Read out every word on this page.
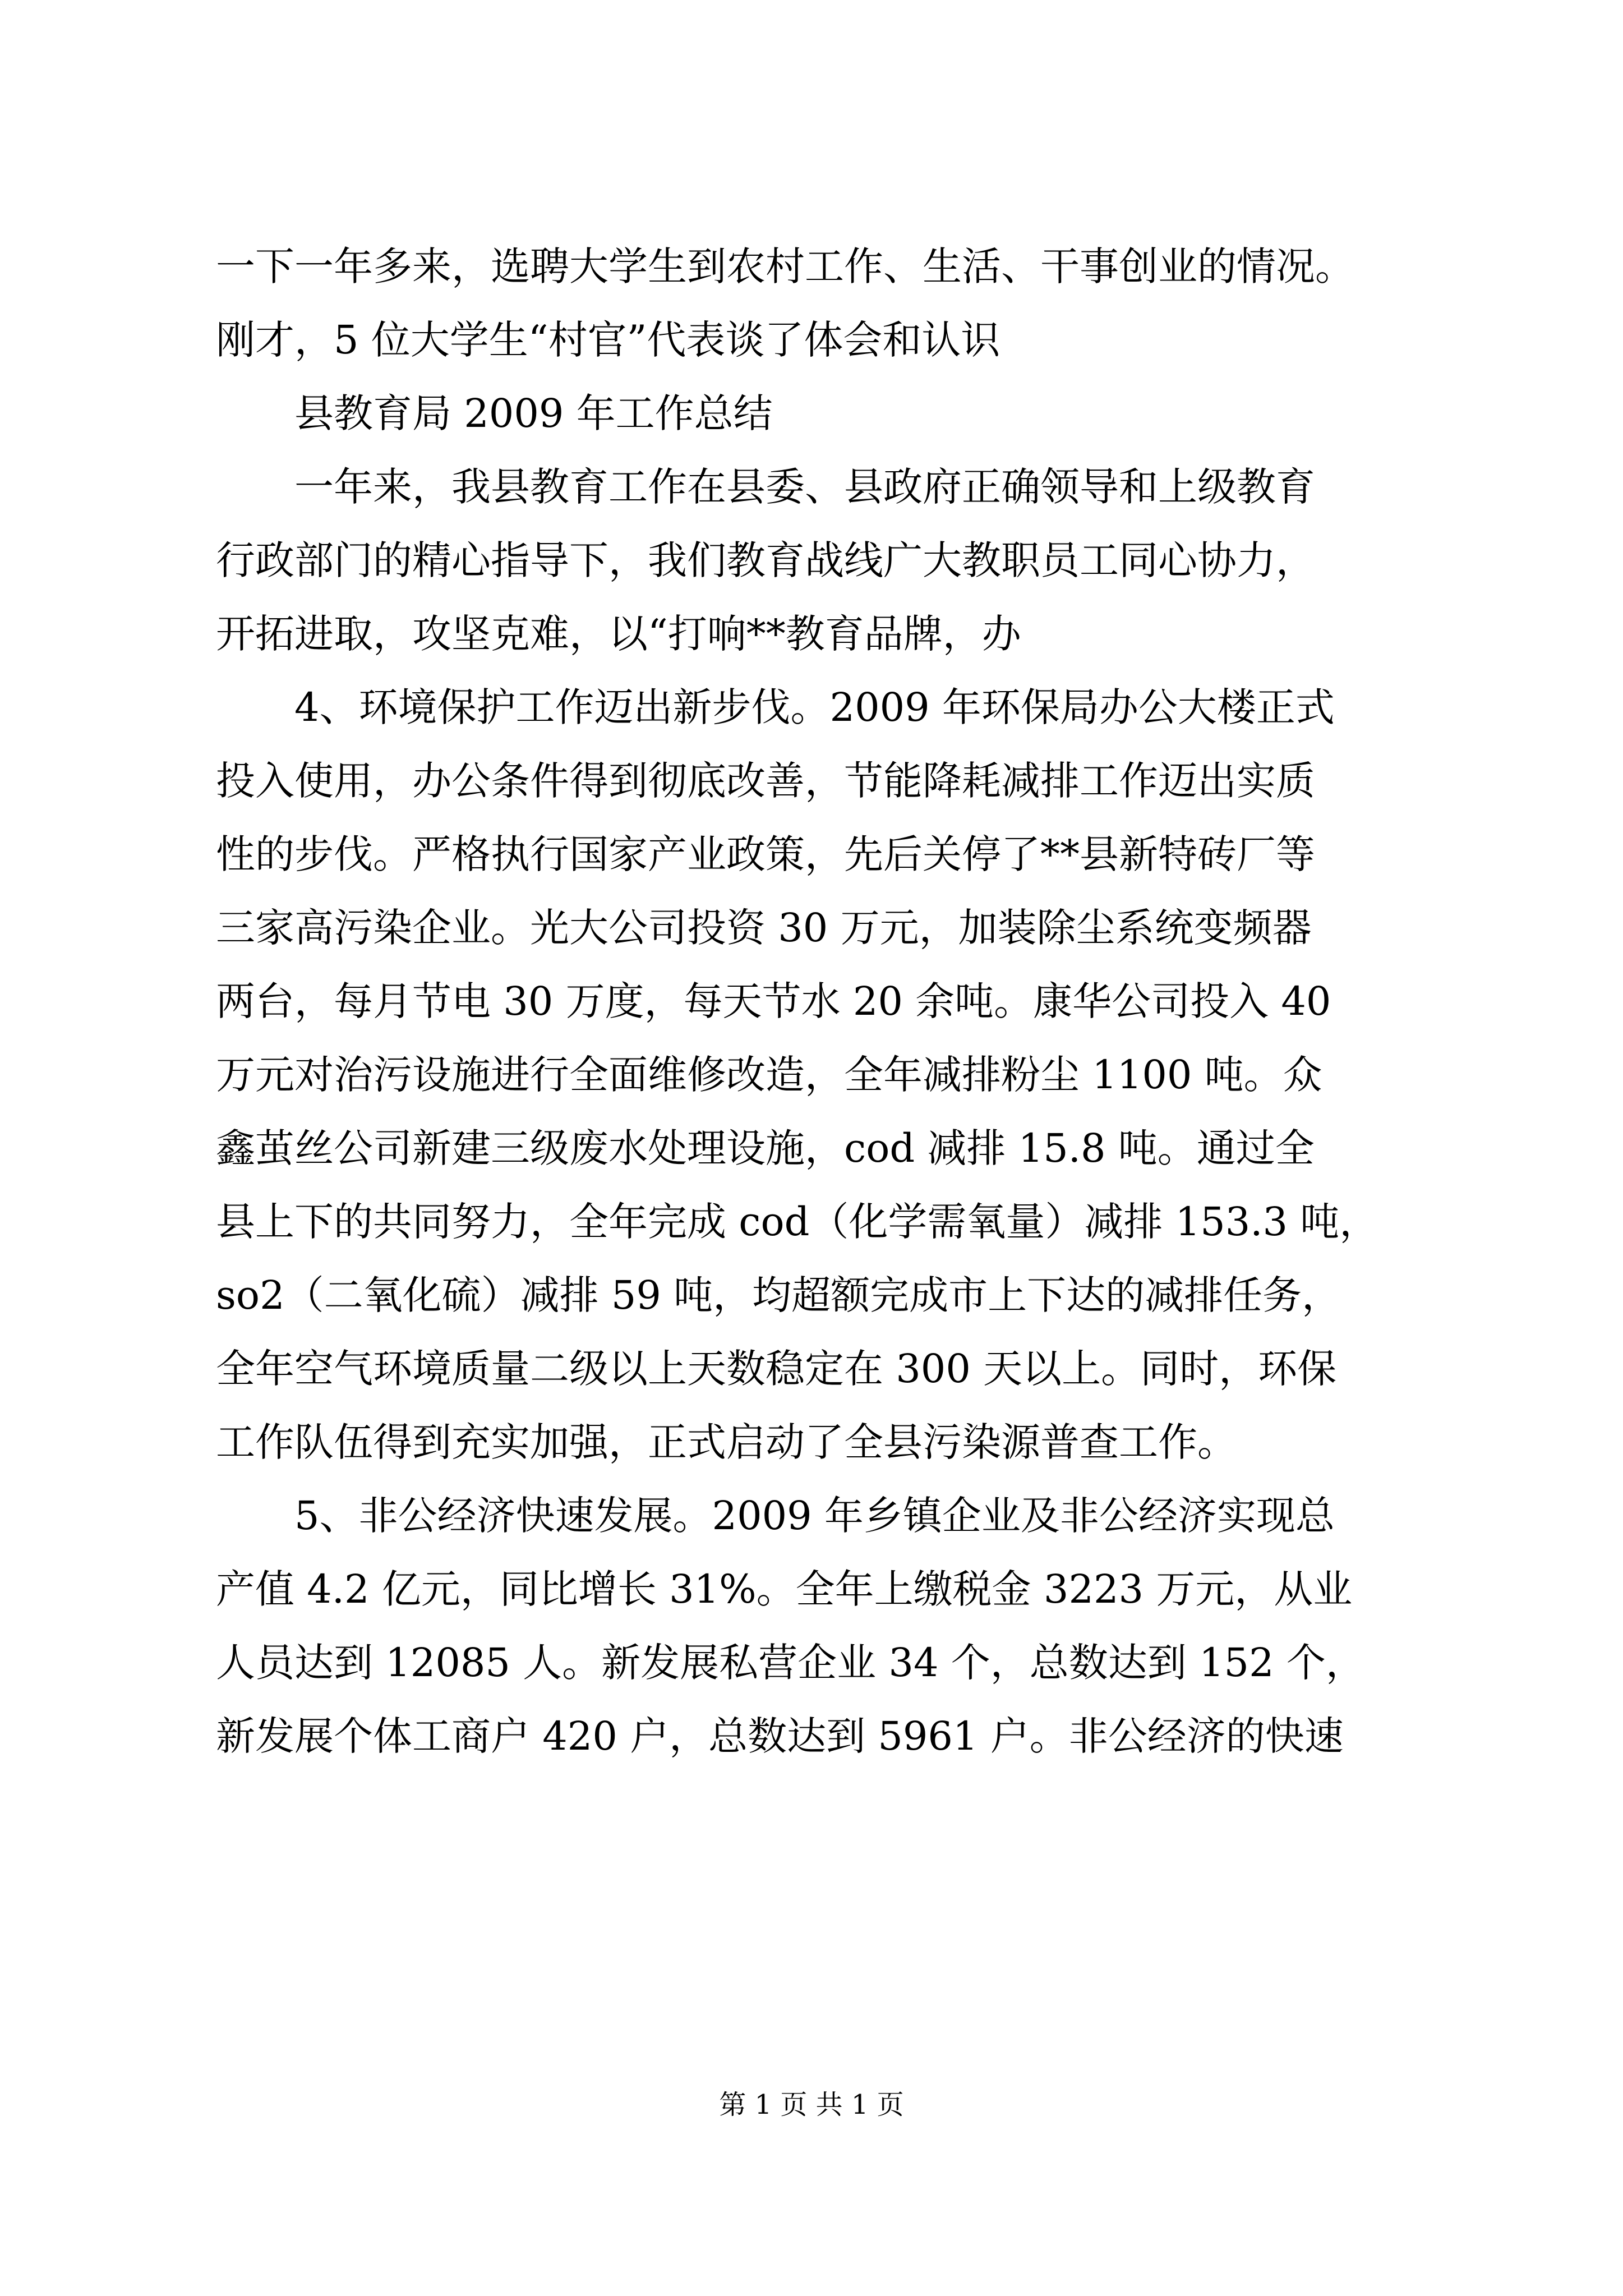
一下一年多来，选聘大学生到农村工作、生活、干事创业的情况。
刚才，5 位大学生“村官”代表谈了体会和认识
县教育局 2009 年工作总结
一年来，我县教育工作在县委、县政府正确领导和上级教育
行政部门的精心指导下，我们教育战线广大教职员工同心协力，
开拓进取，攻坚克难，以“打响**教育品牌，办
4、环境保护工作迈出新步伐。2009 年环保局办公大楼正式
投入使用，办公条件得到彻底改善，节能降耗减排工作迈出实质
性的步伐。严格执行国家产业政策，先后关停了**县新特砖厂等
三家高污染企业。光大公司投资 30 万元，加装除尘系统变频器
两台，每月节电 30 万度，每天节水 20 余吨。康华公司投入 40
万元对治污设施进行全面维修改造，全年减排粉尘 1100 吨。众
鑫茧丝公司新建三级废水处理设施，cod 减排 15.8 吨。通过全
县上下的共同努力，全年完成 cod（化学需氧量）减排 153.3 吨，
so2（二氧化硫）减排 59 吨，均超额完成市上下达的减排任务，
全年空气环境质量二级以上天数稳定在 300 天以上。同时，环保
工作队伍得到充实加强，正式启动了全县污染源普查工作。
5、非公经济快速发展。2009 年乡镇企业及非公经济实现总
产值 4.2 亿元，同比增长 31%。全年上缴税金 3223 万元，从业
人员达到 12085 人。新发展私营企业 34 个，总数达到 152 个，
新发展个体工商户 420 户，总数达到 5961 户。非公经济的快速
第 1 页 共 1 页
